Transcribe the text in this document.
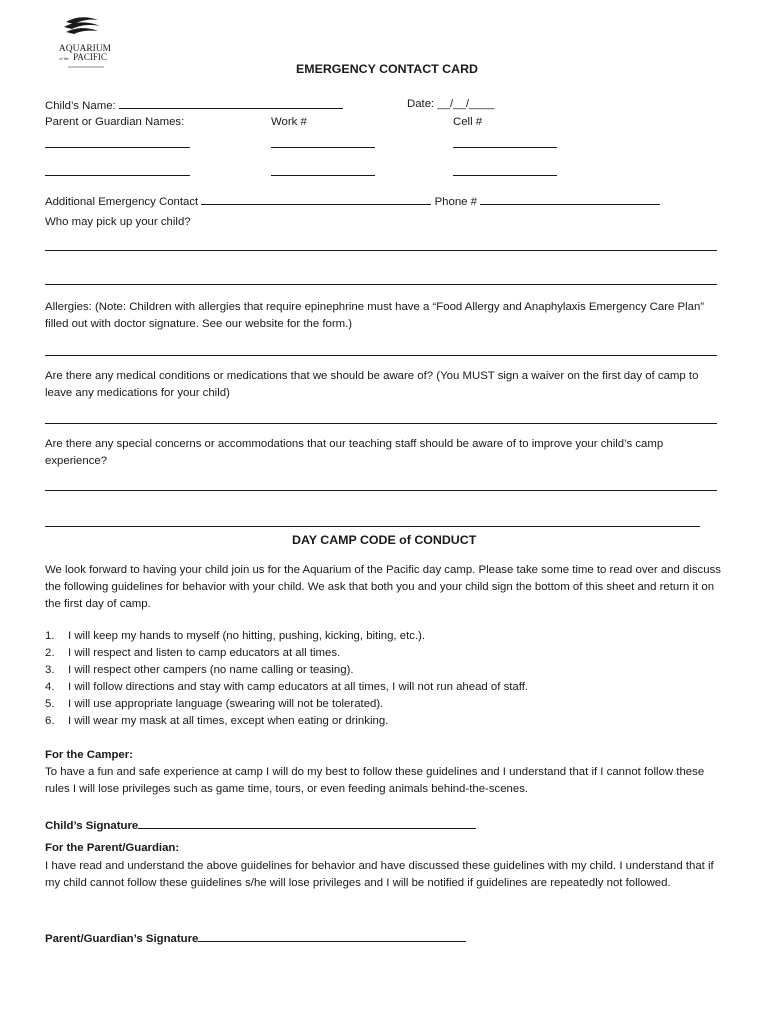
AQUARIUM
of the PACIFIC
EMERGENCY CONTACT CARD
Child’s Name:	Date: __/__/____
Parent or Guardian Names:	Work #	Cell #
Additional Emergency Contact	Phone #
Who may pick up your child?
Allergies: (Note: Children with allergies that require epinephrine must have a “Food Allergy and Anaphylaxis Emergency Care Plan” filled out with doctor signature. See our website for the form.)
Are there any medical conditions or medications that we should be aware of? (You MUST sign a waiver on the first day of camp to leave any medications for your child)
Are there any special concerns or accommodations that our teaching staff should be aware of to improve your child’s camp experience?
DAY CAMP CODE of CONDUCT
We look forward to having your child join us for the Aquarium of the Pacific day camp. Please take some time to read over and discuss the following guidelines for behavior with your child. We ask that both you and your child sign the bottom of this sheet and return it on the first day of camp.
1. I will keep my hands to myself (no hitting, pushing, kicking, biting, etc.).
2. I will respect and listen to camp educators at all times.
3. I will respect other campers (no name calling or teasing).
4. I will follow directions and stay with camp educators at all times, I will not run ahead of staff.
5. I will use appropriate language (swearing will not be tolerated).
6. I will wear my mask at all times, except when eating or drinking.
For the Camper:
To have a fun and safe experience at camp I will do my best to follow these guidelines and I understand that if I cannot follow these rules I will lose privileges such as game time, tours, or even feeding animals behind-the-scenes.
Child’s Signature
For the Parent/Guardian:
I have read and understand the above guidelines for behavior and have discussed these guidelines with my child. I understand that if my child cannot follow these guidelines s/he will lose privileges and I will be notified if guidelines are repeatedly not followed.
Parent/Guardian’s Signature
